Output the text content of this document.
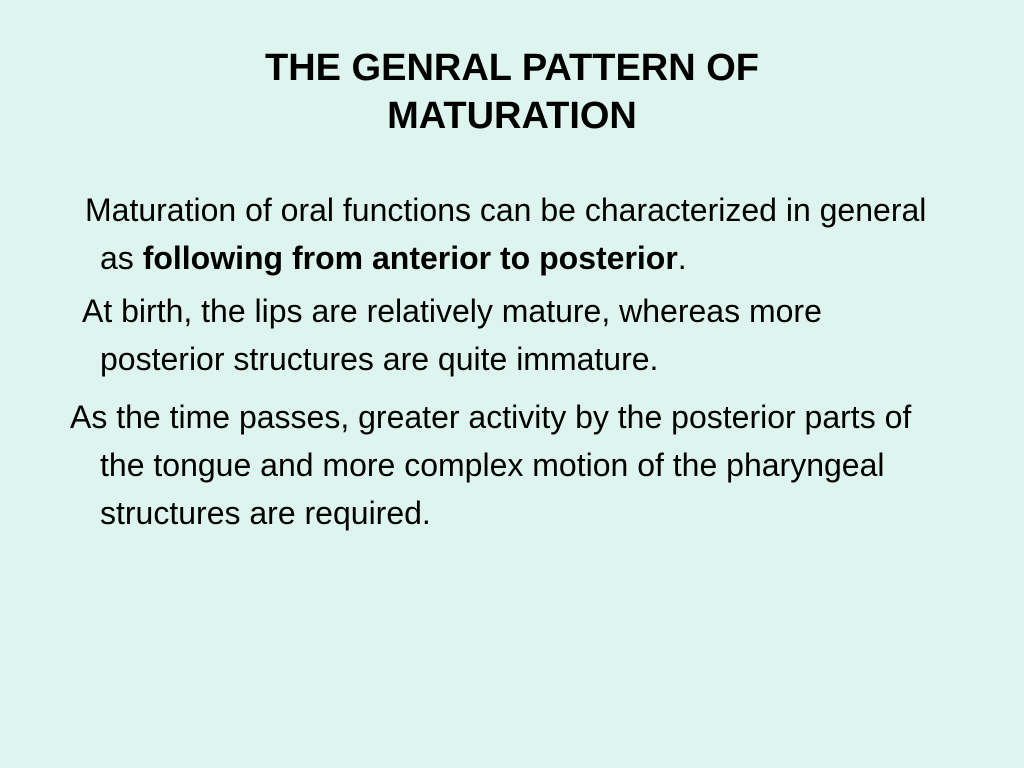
THE GENRAL PATTERN OF
MATURATION

Maturation of oral functions can be characterized in general as following from anterior to posterior.

At birth, the lips are relatively mature, whereas more posterior structures are quite immature.

As the time passes, greater activity by the posterior parts of the tongue and more complex motion of the pharyngeal structures are required.
